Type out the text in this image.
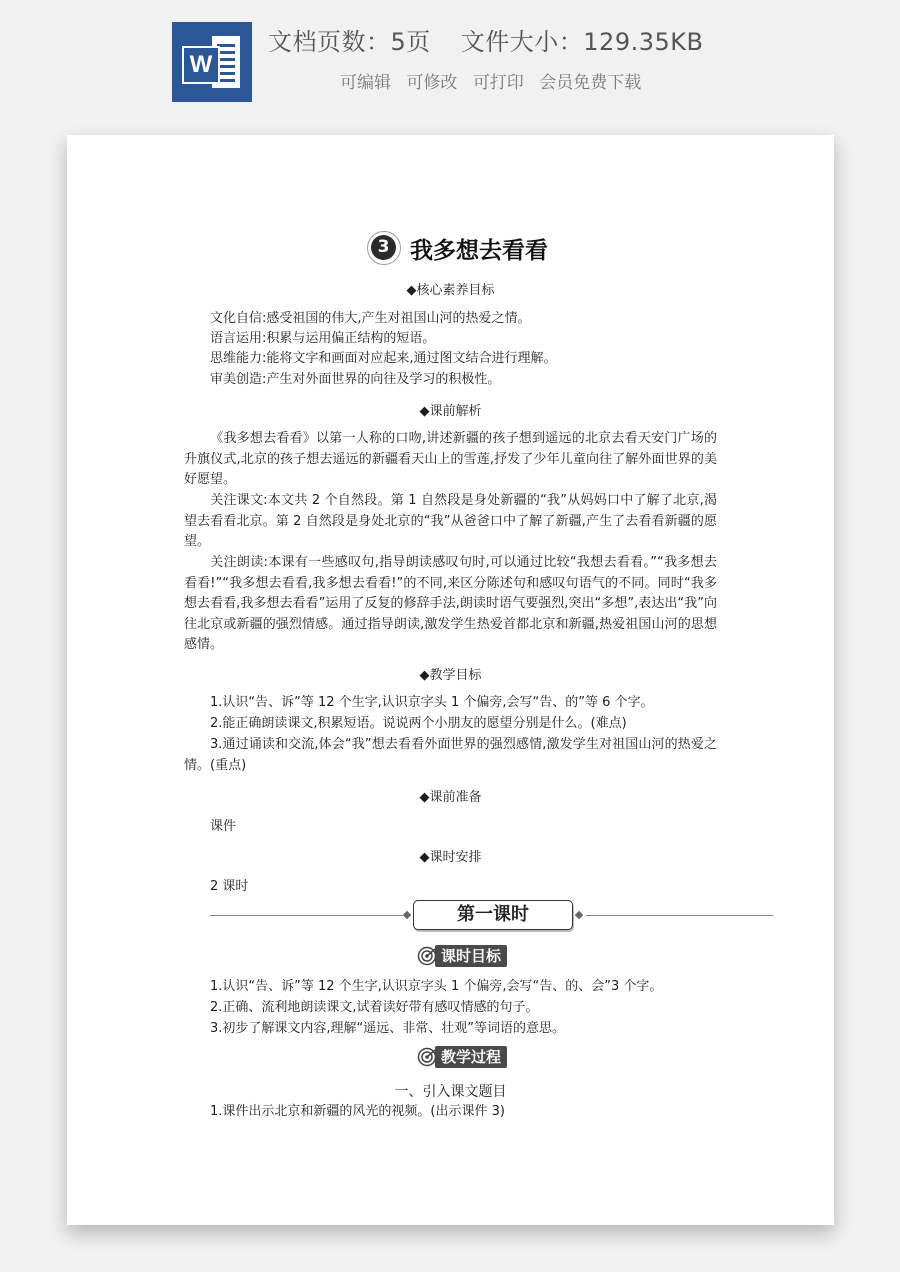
W
文档页数：5页 文件大小：129.35KB
可编辑 可修改 可打印 会员免费下载
3 我多想去看看
◆核心素养目标
文化自信:感受祖国的伟大,产生对祖国山河的热爱之情。
语言运用:积累与运用偏正结构的短语。
思维能力:能将文字和画面对应起来,通过图文结合进行理解。
审美创造:产生对外面世界的向往及学习的积极性。
◆课前解析
《我多想去看看》以第一人称的口吻,讲述新疆的孩子想到遥远的北京去看天安门广场的升旗仪式,北京的孩子想去遥远的新疆看天山上的雪莲,抒发了少年儿童向往了解外面世界的美好愿望。
关注课文:本文共 2 个自然段。第 1 自然段是身处新疆的“我”从妈妈口中了解了北京,渴望去看看北京。第 2 自然段是身处北京的“我”从爸爸口中了解了新疆,产生了去看看新疆的愿望。
关注朗读:本课有一些感叹句,指导朗读感叹句时,可以通过比较“我想去看看。”“我多想去看看!”“我多想去看看,我多想去看看!”的不同,来区分陈述句和感叹句语气的不同。同时“我多想去看看,我多想去看看”运用了反复的修辞手法,朗读时语气要强烈,突出“多想”,表达出“我”向往北京或新疆的强烈情感。通过指导朗读,激发学生热爱首都北京和新疆,热爱祖国山河的思想感情。
◆教学目标
1.认识“告、诉”等 12 个生字,认识京字头 1 个偏旁,会写“告、的”等 6 个字。
2.能正确朗读课文,积累短语。说说两个小朋友的愿望分别是什么。(难点)
3.通过诵读和交流,体会“我”想去看看外面世界的强烈感情,激发学生对祖国山河的热爱之情。(重点)
◆课前准备
课件
◆课时安排
2 课时
第一课时
课时目标
1.认识“告、诉”等 12 个生字,认识京字头 1 个偏旁,会写“告、的、会”3 个字。
2.正确、流利地朗读课文,试着读好带有感叹情感的句子。
3.初步了解课文内容,理解“遥远、非常、壮观”等词语的意思。
教学过程
一、引入课文题目
1.课件出示北京和新疆的风光的视频。(出示课件 3)
